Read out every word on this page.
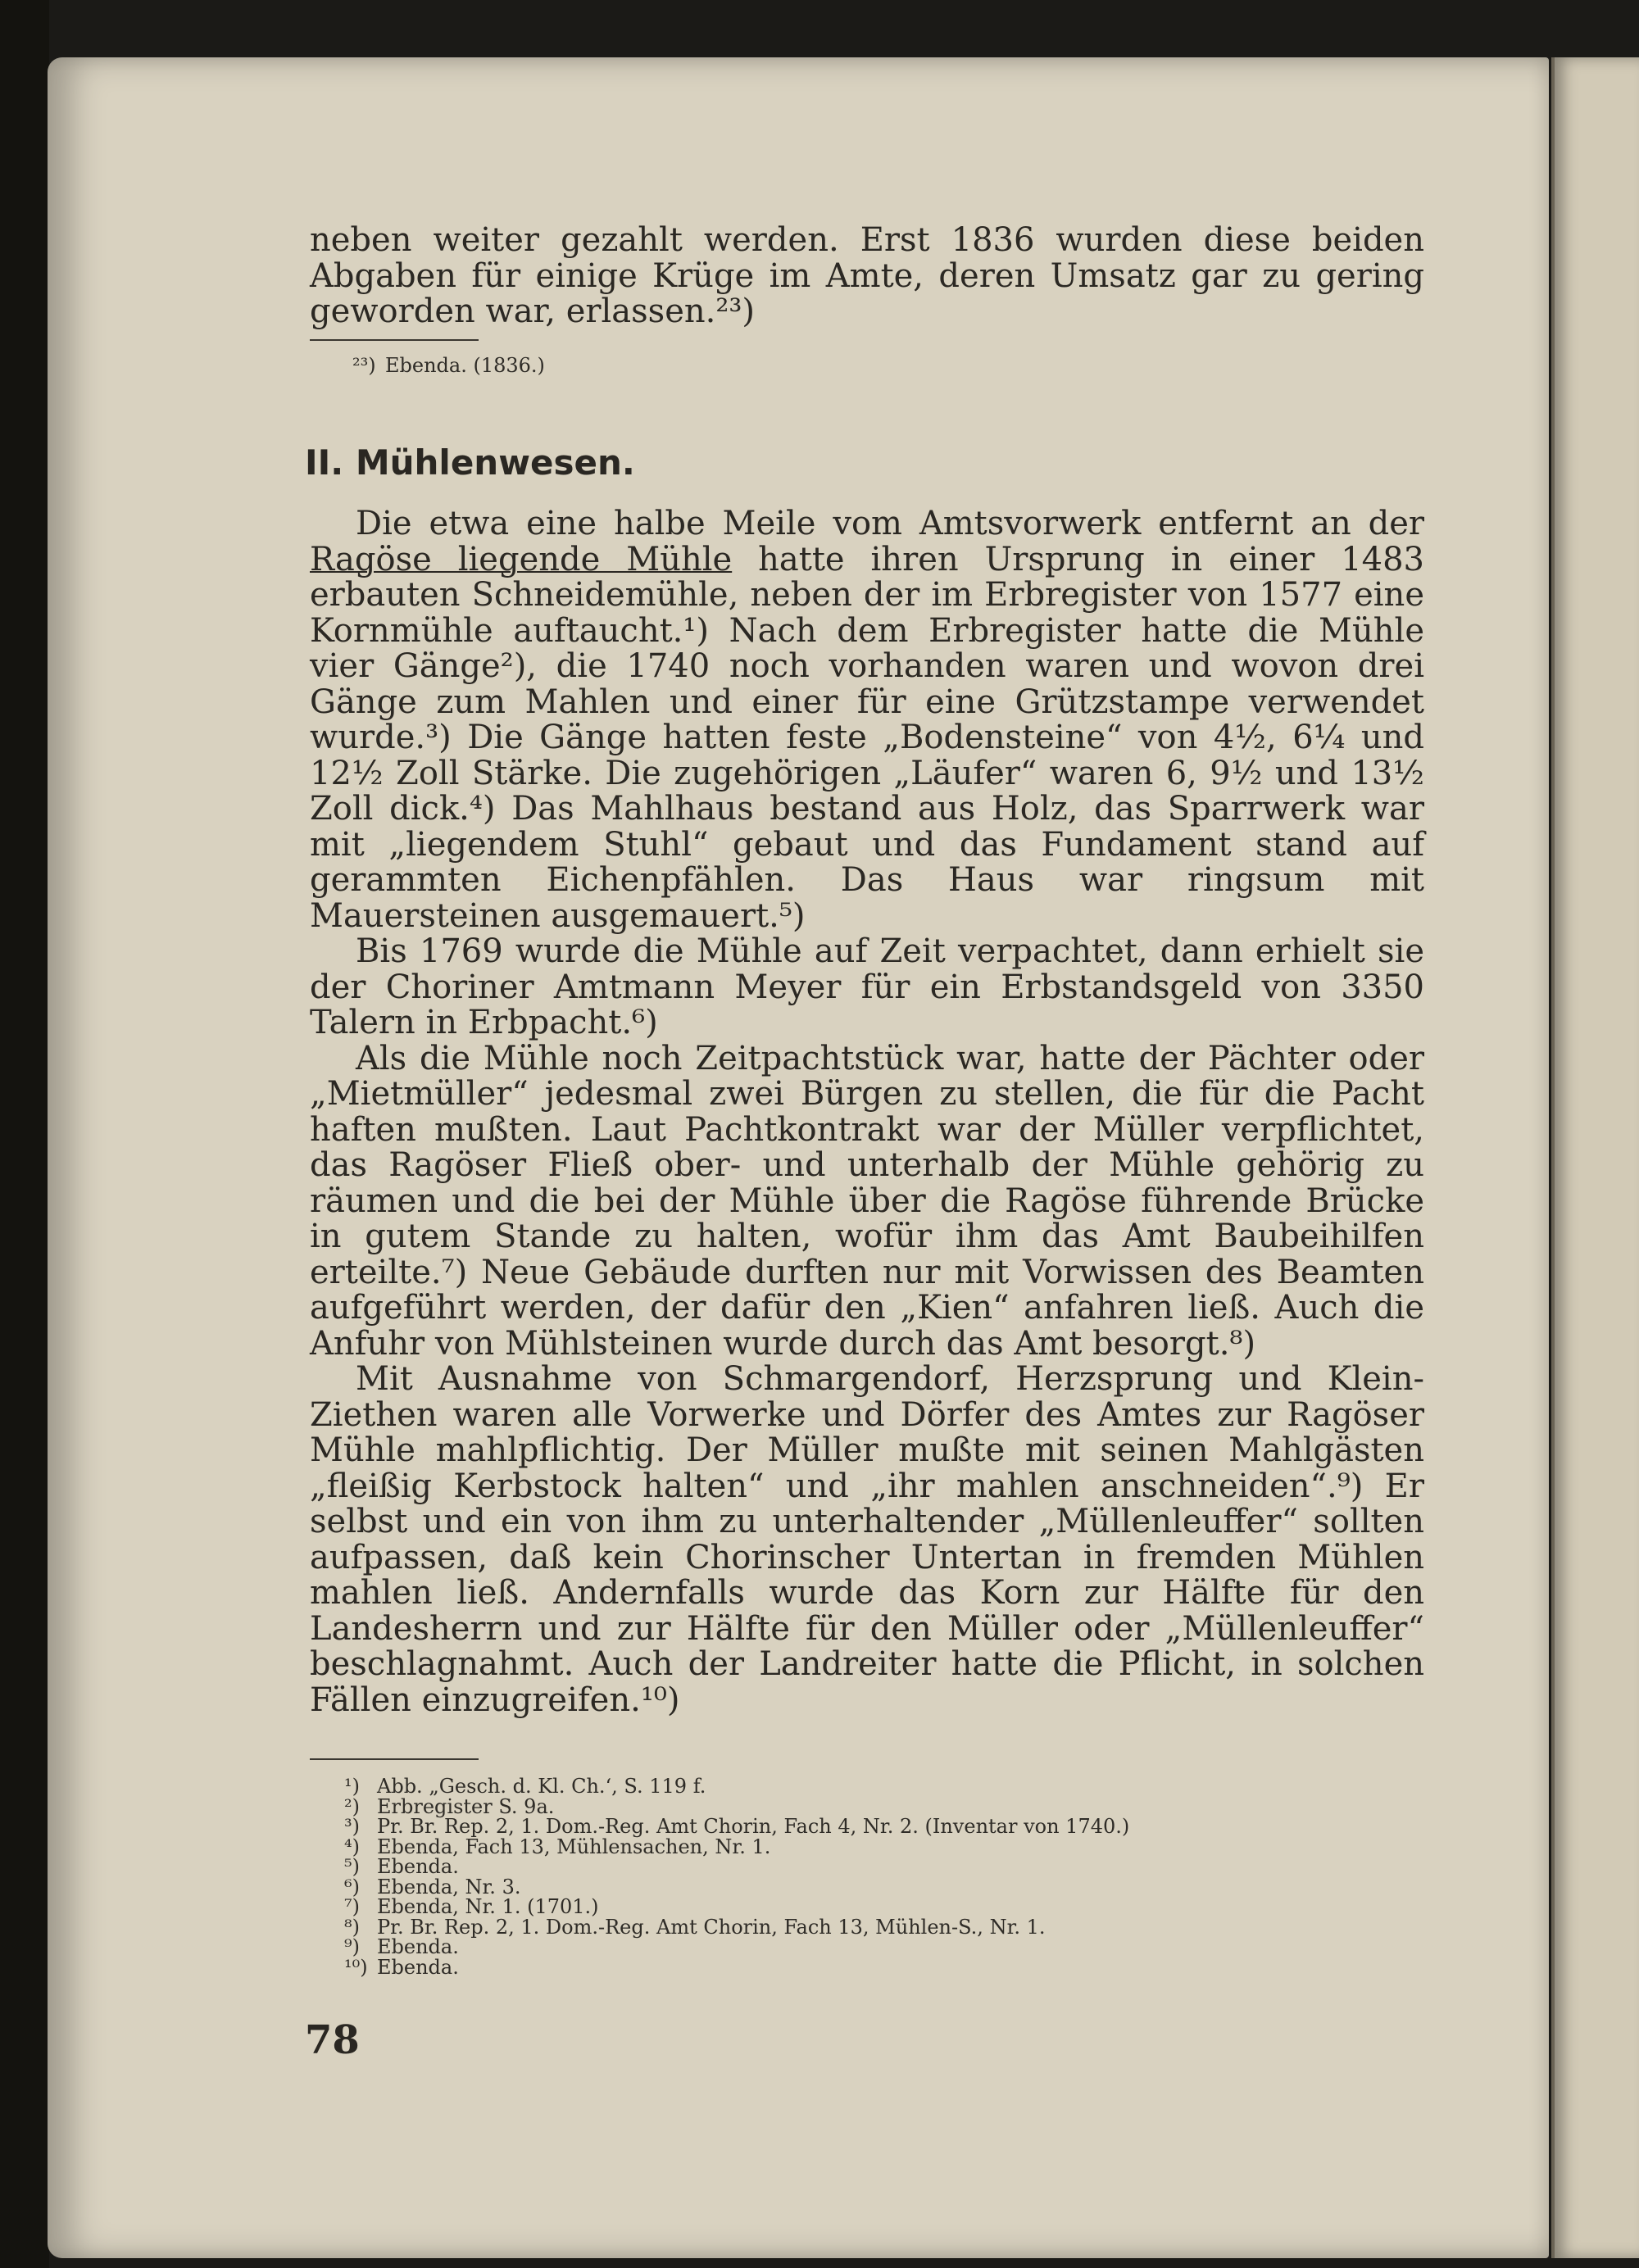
neben weiter gezahlt werden. Erst 1836 wurden diese beiden Abgaben für einige Krüge im Amte, deren Umsatz gar zu gering geworden war, erlassen.²³)

²³) Ebenda. (1836.)
II. Mühlenwesen.

Die etwa eine halbe Meile vom Amtsvorwerk entfernt an der Ragöse liegende Mühle hatte ihren Ursprung in einer 1483 erbauten Schneidemühle, neben der im Erbregister von 1577 eine Kornmühle auftaucht.¹) Nach dem Erbregister hatte die Mühle vier Gänge²), die 1740 noch vorhanden waren und wovon drei Gänge zum Mahlen und einer für eine Grützstampe verwendet wurde.³) Die Gänge hatten feste „Bodensteine“ von 4½, 6¼ und 12½ Zoll Stärke. Die zugehörigen „Läufer“ waren 6, 9½ und 13½ Zoll dick.⁴) Das Mahlhaus bestand aus Holz, das Sparrwerk war mit „liegendem Stuhl“ gebaut und das Fundament stand auf gerammten Eichenpfählen. Das Haus war ringsum mit Mauersteinen ausgemauert.⁵)

Bis 1769 wurde die Mühle auf Zeit verpachtet, dann erhielt sie der Choriner Amtmann Meyer für ein Erbstandsgeld von 3350 Talern in Erbpacht.⁶)

Als die Mühle noch Zeitpachtstück war, hatte der Pächter oder „Mietmüller“ jedesmal zwei Bürgen zu stellen, die für die Pacht haften mußten. Laut Pachtkontrakt war der Müller verpflichtet, das Ragöser Fließ ober- und unterhalb der Mühle gehörig zu räumen und die bei der Mühle über die Ragöse führende Brücke in gutem Stande zu halten, wofür ihm das Amt Baubeihilfen erteilte.⁷) Neue Gebäude durften nur mit Vorwissen des Beamten aufgeführt werden, der dafür den „Kien“ anfahren ließ. Auch die Anfuhr von Mühlsteinen wurde durch das Amt besorgt.⁸)

Mit Ausnahme von Schmargendorf, Herzsprung und Klein-Ziethen waren alle Vorwerke und Dörfer des Amtes zur Ragöser Mühle mahlpflichtig. Der Müller mußte mit seinen Mahlgästen „fleißig Kerbstock halten“ und „ihr mahlen anschneiden“.⁹) Er selbst und ein von ihm zu unterhaltender „Müllenleuffer“ sollten aufpassen, daß kein Chorinscher Untertan in fremden Mühlen mahlen ließ. Andernfalls wurde das Korn zur Hälfte für den Landesherrn und zur Hälfte für den Müller oder „Müllenleuffer“ beschlagnahmt. Auch der Landreiter hatte die Pflicht, in solchen Fällen einzugreifen.¹⁰)

¹) Abb. „Gesch. d. Kl. Ch.‘, S. 119 f.
²) Erbregister S. 9a.
³) Pr. Br. Rep. 2, 1. Dom.-Reg. Amt Chorin, Fach 4, Nr. 2. (Inventar von 1740.)
⁴) Ebenda, Fach 13, Mühlensachen, Nr. 1.
⁵) Ebenda.
⁶) Ebenda, Nr. 3.
⁷) Ebenda, Nr. 1. (1701.)
⁸) Pr. Br. Rep. 2, 1. Dom.-Reg. Amt Chorin, Fach 13, Mühlen-S., Nr. 1.
⁹) Ebenda.
¹⁰) Ebenda.
78
